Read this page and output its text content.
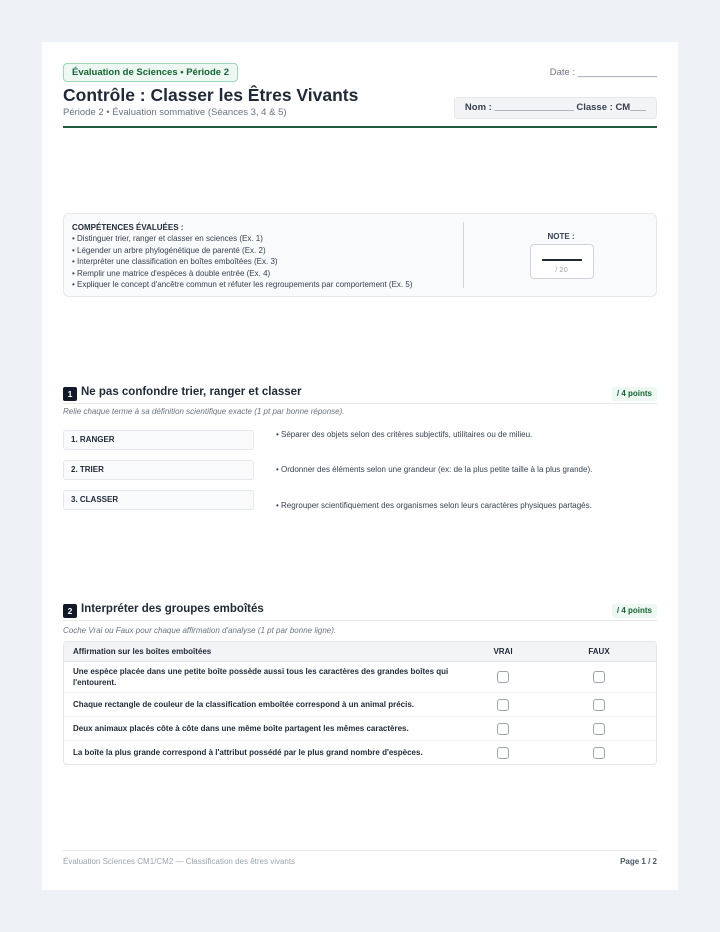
Évaluation de Sciences • Période 2	Date : _______________
Contrôle : Classer les Êtres Vivants
Période 2 • Évaluation sommative (Séances 3, 4 & 5)	Nom : _______________ Classe : CM___
COMPÉTENCES ÉVALUÉES :
• Distinguer trier, ranger et classer en sciences (Ex. 1)
• Légender un arbre phylogénétique de parenté (Ex. 2)
• Interpréter une classification en boîtes emboîtées (Ex. 3)
• Remplir une matrice d'espèces à double entrée (Ex. 4)
• Expliquer le concept d'ancêtre commun et réfuter les regroupements par comportement (Ex. 5)
NOTE :
/ 20
1 Ne pas confondre trier, ranger et classer	/ 4 points
Relie chaque terme à sa définition scientifique exacte (1 pt par bonne réponse).
1. RANGER
2. TRIER
3. CLASSER
• Séparer des objets selon des critères subjectifs, utilitaires ou de milieu.
• Ordonner des éléments selon une grandeur (ex: de la plus petite taille à la plus grande).
• Regrouper scientifiquement des organismes selon leurs caractères physiques partagés.
2 Interpréter des groupes emboîtés	/ 4 points
Coche Vrai ou Faux pour chaque affirmation d'analyse (1 pt par bonne ligne).
Affirmation sur les boîtes emboîtées	VRAI	FAUX
Une espèce placée dans une petite boîte possède aussi tous les caractères des grandes boîtes qui l'entourent.
Chaque rectangle de couleur de la classification emboîtée correspond à un animal précis.
Deux animaux placés côte à côte dans une même boîte partagent les mêmes caractères.
La boîte la plus grande correspond à l'attribut possédé par le plus grand nombre d'espèces.
Évaluation Sciences CM1/CM2 — Classification des êtres vivants	Page 1 / 2
